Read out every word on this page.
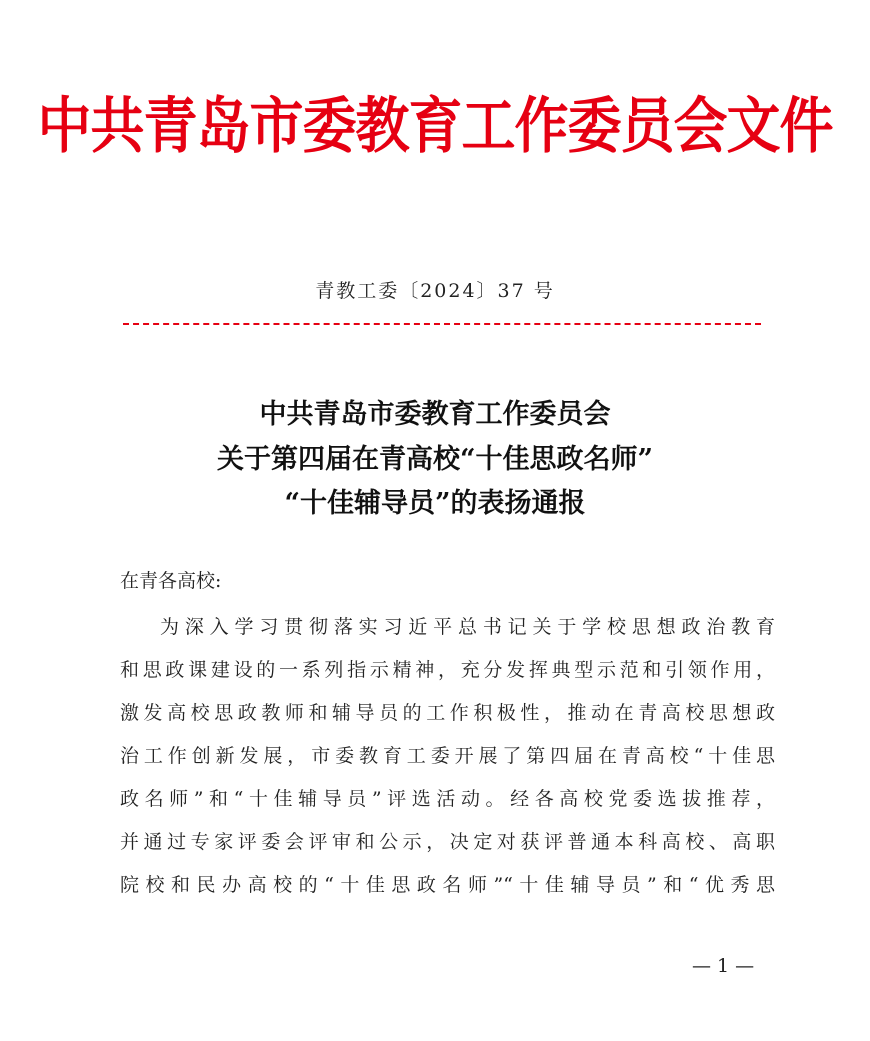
中共青岛市委教育工作委员会文件
青教工委〔2024〕37 号
中共青岛市委教育工作委员会
关于第四届在青高校“十佳思政名师”
“十佳辅导员”的表扬通报
在青各高校:
为深入学习贯彻落实习近平总书记关于学校思想政治教育
和思政课建设的一系列指示精神，充分发挥典型示范和引领作用，
激发高校思政教师和辅导员的工作积极性，推动在青高校思想政
治工作创新发展，市委教育工委开展了第四届在青高校“十佳思
政名师”和“十佳辅导员”评选活动。经各高校党委选拔推荐，
并通过专家评委会评审和公示，决定对获评普通本科高校、高职
院校和民办高校的“十佳思政名师”“十佳辅导员”和“优秀思
— 1 —
